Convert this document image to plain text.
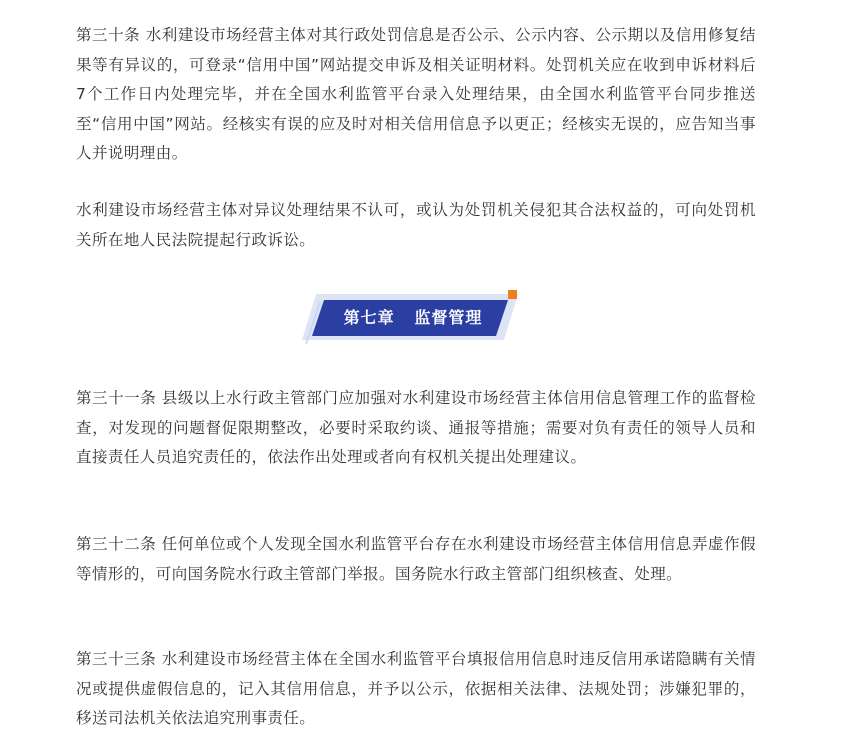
第三十条 水利建设市场经营主体对其行政处罚信息是否公示、公示内容、公示期以及信用修复结果等有异议的，可登录“信用中国”网站提交申诉及相关证明材料。处罚机关应在收到申诉材料后7个工作日内处理完毕，并在全国水利监管平台录入处理结果，由全国水利监管平台同步推送至“信用中国”网站。经核实有误的应及时对相关信用信息予以更正；经核实无误的，应告知当事人并说明理由。

水利建设市场经营主体对异议处理结果不认可，或认为处罚机关侵犯其合法权益的，可向处罚机关所在地人民法院提起行政诉讼。

第七章   监督管理

第三十一条 县级以上水行政主管部门应加强对水利建设市场经营主体信用信息管理工作的监督检查，对发现的问题督促限期整改，必要时采取约谈、通报等措施；需要对负有责任的领导人员和直接责任人员追究责任的，依法作出处理或者向有权机关提出处理建议。

第三十二条 任何单位或个人发现全国水利监管平台存在水利建设市场经营主体信用信息弄虚作假等情形的，可向国务院水行政主管部门举报。国务院水行政主管部门组织核查、处理。

第三十三条 水利建设市场经营主体在全国水利监管平台填报信用信息时违反信用承诺隐瞒有关情况或提供虚假信息的，记入其信用信息，并予以公示，依据相关法律、法规处罚；涉嫌犯罪的，移送司法机关依法追究刑事责任。
